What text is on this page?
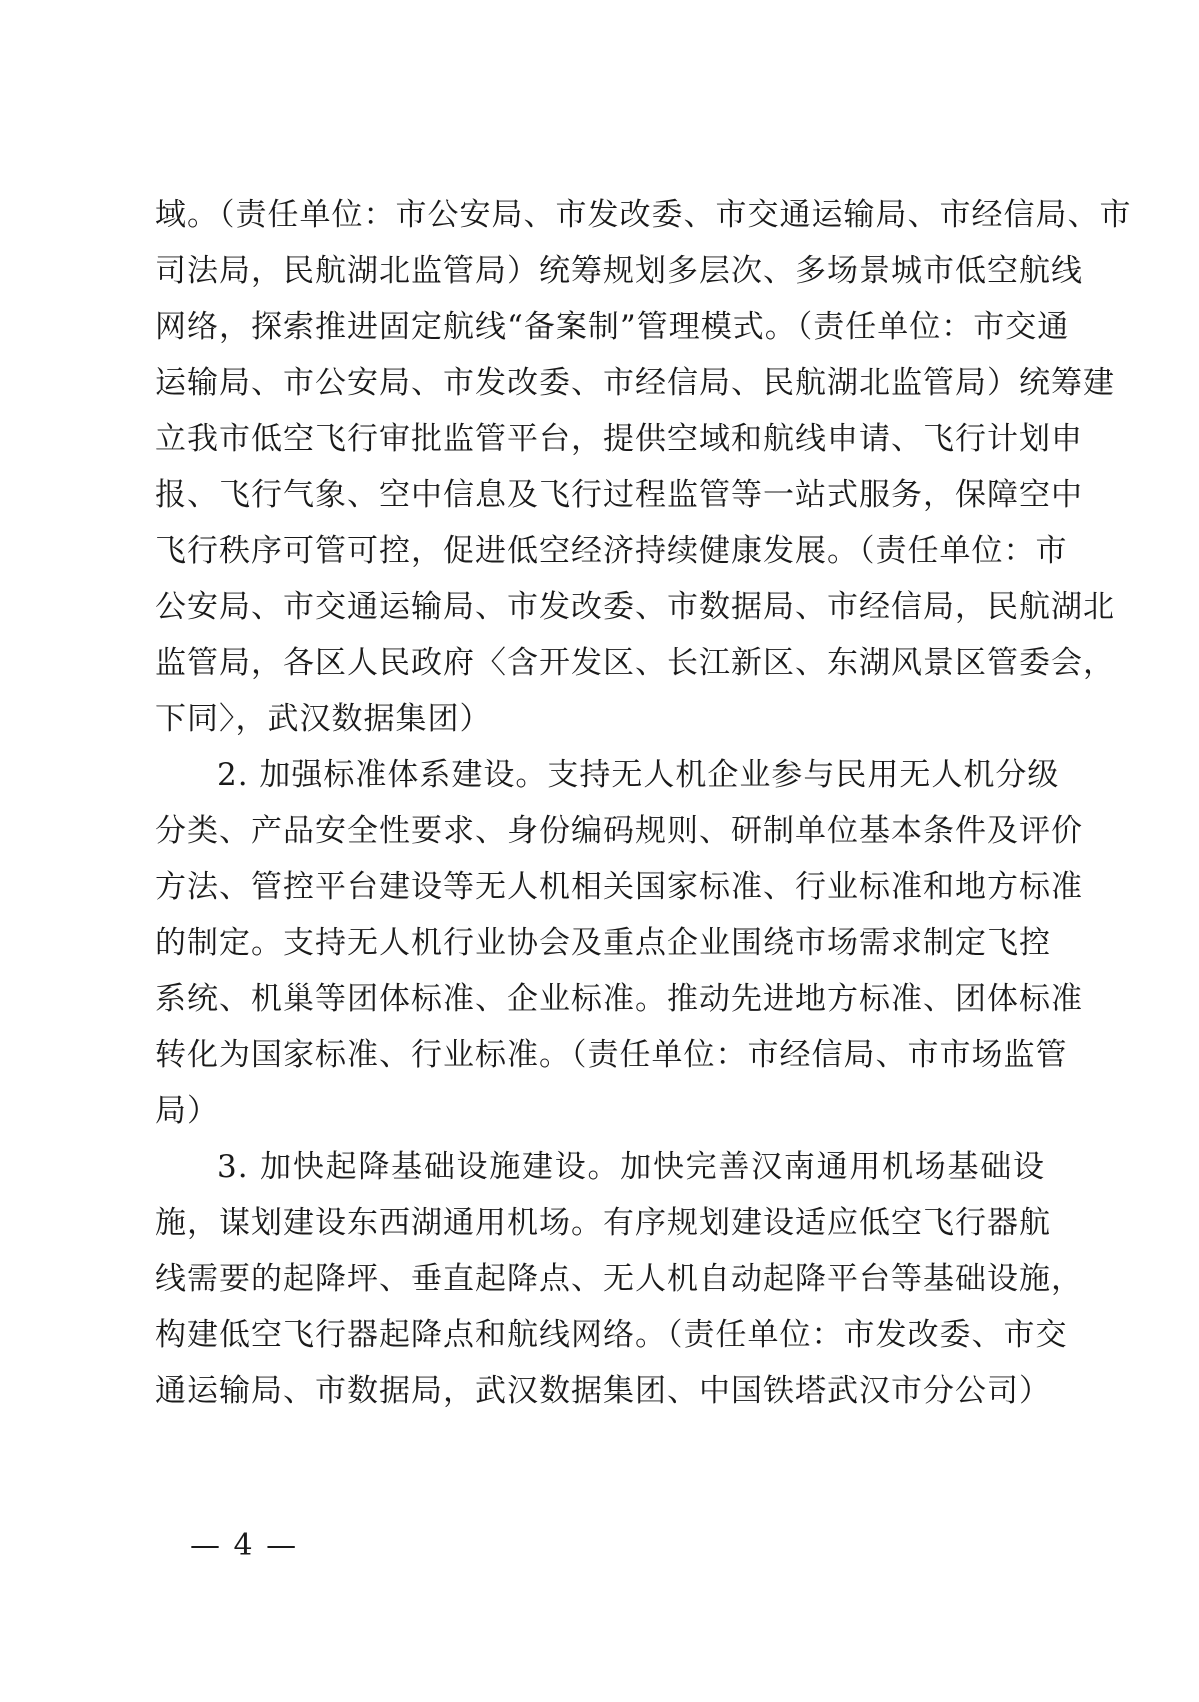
域。（责任单位：市公安局、市发改委、市交通运输局、市经信局、市
司法局，民航湖北监管局）统筹规划多层次、多场景城市低空航线
网络，探索推进固定航线“备案制”管理模式。（责任单位：市交通
运输局、市公安局、市发改委、市经信局、民航湖北监管局）统筹建
立我市低空飞行审批监管平台，提供空域和航线申请、飞行计划申
报、飞行气象、空中信息及飞行过程监管等一站式服务，保障空中
飞行秩序可管可控，促进低空经济持续健康发展。（责任单位：市
公安局、市交通运输局、市发改委、市数据局、市经信局，民航湖北
监管局，各区人民政府〈含开发区、长江新区、东湖风景区管委会，
下同〉，武汉数据集团）
2. 加强标准体系建设。支持无人机企业参与民用无人机分级
分类、产品安全性要求、身份编码规则、研制单位基本条件及评价
方法、管控平台建设等无人机相关国家标准、行业标准和地方标准
的制定。支持无人机行业协会及重点企业围绕市场需求制定飞控
系统、机巢等团体标准、企业标准。推动先进地方标准、团体标准
转化为国家标准、行业标准。（责任单位：市经信局、市市场监管
局）
3. 加快起降基础设施建设。加快完善汉南通用机场基础设
施，谋划建设东西湖通用机场。有序规划建设适应低空飞行器航
线需要的起降坪、垂直起降点、无人机自动起降平台等基础设施，
构建低空飞行器起降点和航线网络。（责任单位：市发改委、市交
通运输局、市数据局，武汉数据集团、中国铁塔武汉市分公司）
— 4 —
